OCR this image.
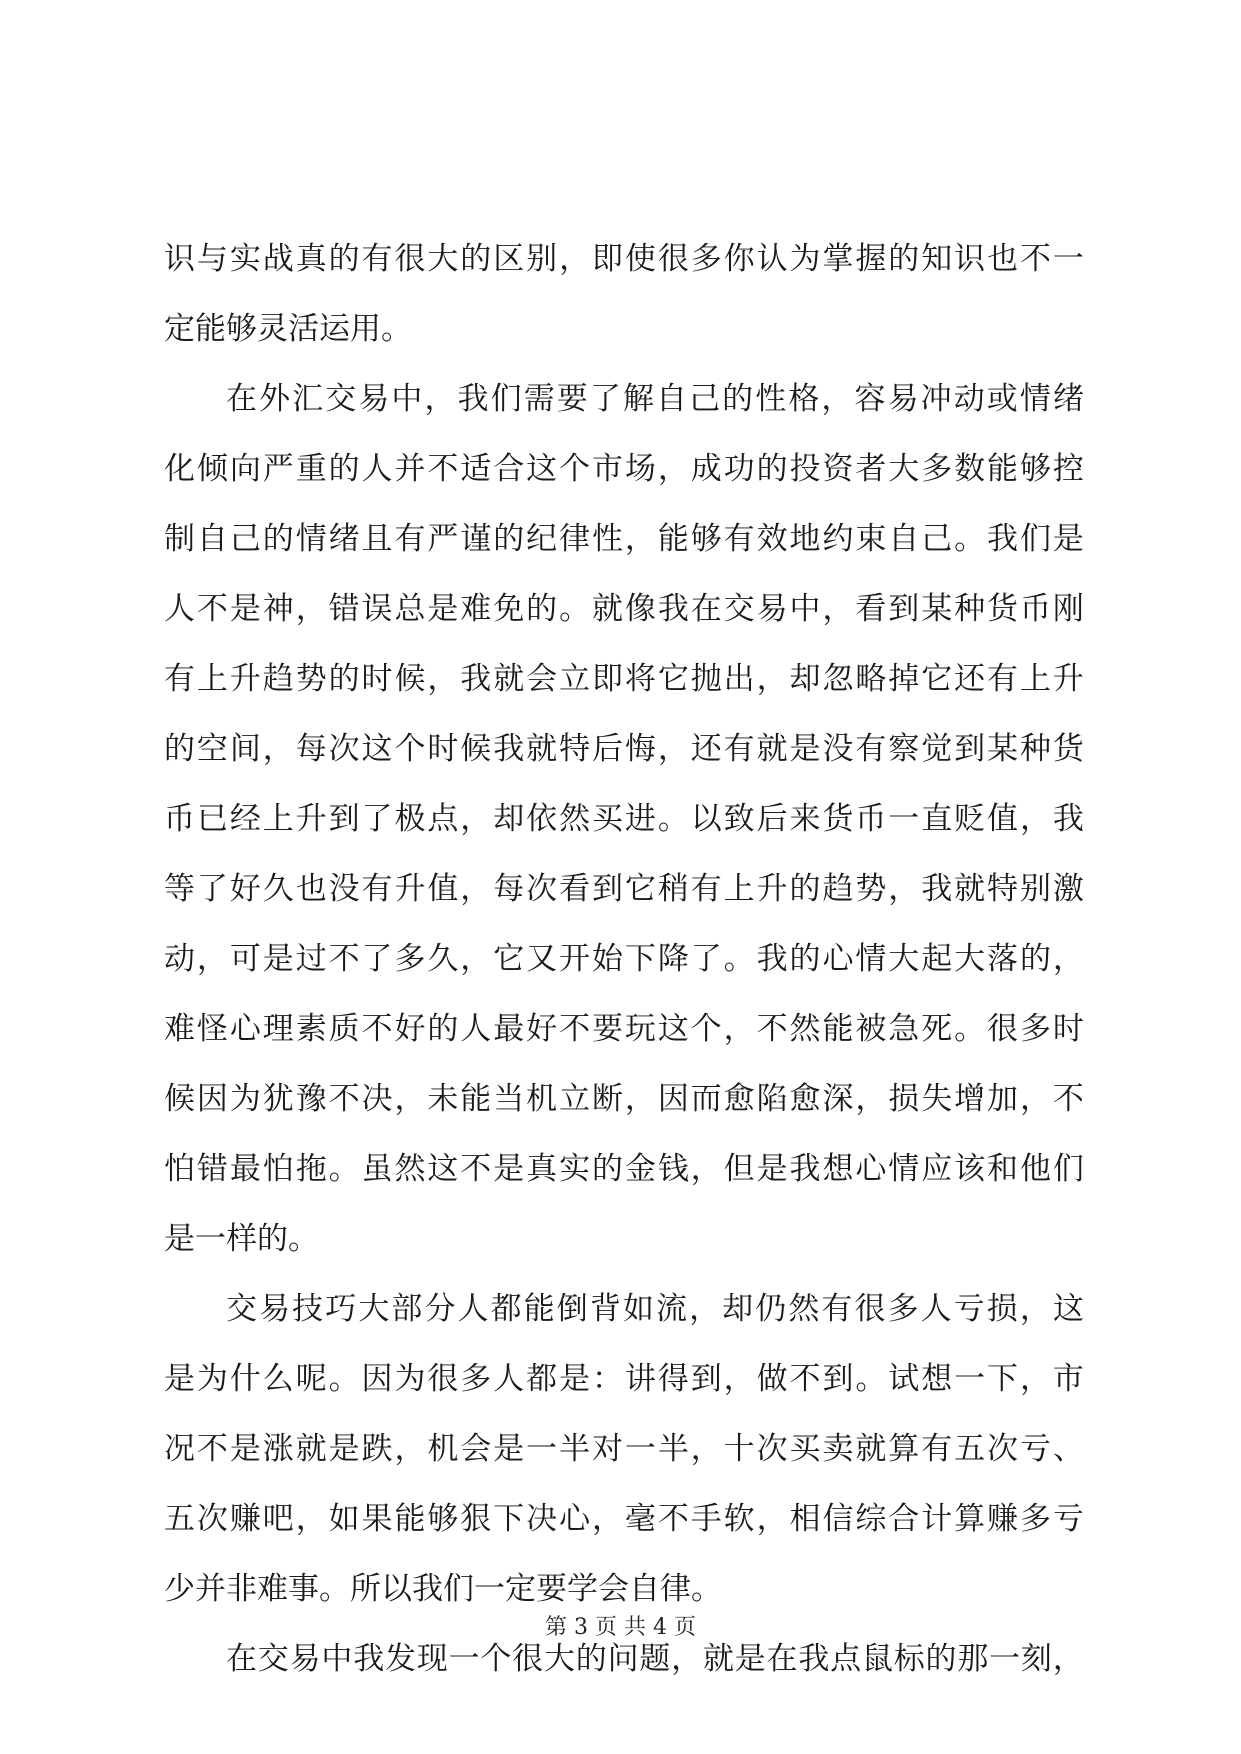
识 与 实 战 真 的 有 很 大 的 区 别 ， 即 使 很 多 你 认 为 掌 握 的 知 识 也 不 一
定能够灵活运用。
在 外 汇 交 易 中 ， 我 们 需 要 了 解 自 己 的 性 格 ， 容 易 冲 动 或 情 绪
化 倾 向 严 重 的 人 并 不 适 合 这 个 市 场 ， 成 功 的 投 资 者 大 多 数 能 够 控
制 自 己 的 情 绪 且 有 严 谨 的 纪 律 性 ， 能 够 有 效 地 约 束 自 己 。 我 们 是
人 不 是 神 ， 错 误 总 是 难 免 的 。 就 像 我 在 交 易 中 ， 看 到 某 种 货 币 刚
有 上 升 趋 势 的 时 候 ， 我 就 会 立 即 将 它 抛 出 ， 却 忽 略 掉 它 还 有 上 升
的 空 间 ， 每 次 这 个 时 候 我 就 特 后 悔 ， 还 有 就 是 没 有 察 觉 到 某 种 货
币 已 经 上 升 到 了 极 点 ， 却 依 然 买 进 。 以 致 后 来 货 币 一 直 贬 值 ， 我
等 了 好 久 也 没 有 升 值 ， 每 次 看 到 它 稍 有 上 升 的 趋 势 ， 我 就 特 别 激
动 ， 可 是 过 不 了 多 久 ， 它 又 开 始 下 降 了 。 我 的 心 情 大 起 大 落 的 ，
难 怪 心 理 素 质 不 好 的 人 最 好 不 要 玩 这 个 ， 不 然 能 被 急 死 。 很 多 时
候 因 为 犹 豫 不 决 ， 未 能 当 机 立 断 ， 因 而 愈 陷 愈 深 ， 损 失 增 加 ， 不
怕 错 最 怕 拖 。 虽 然 这 不 是 真 实 的 金 钱 ， 但 是 我 想 心 情 应 该 和 他 们
是一样的。
交 易 技 巧 大 部 分 人 都 能 倒 背 如 流 ， 却 仍 然 有 很 多 人 亏 损 ， 这
是 为 什 么 呢 。 因 为 很 多 人 都 是 ： 讲 得 到 ， 做 不 到 。 试 想 一 下 ， 市
况 不 是 涨 就 是 跌 ， 机 会 是 一 半 对 一 半 ， 十 次 买 卖 就 算 有 五 次 亏 、
五 次 赚 吧 ， 如 果 能 够 狠 下 决 心 ， 毫 不 手 软 ， 相 信 综 合 计 算 赚 多 亏
少并非难事。所以我们一定要学会自律。
在 交 易 中 我 发 现 一 个 很 大 的 问 题 ， 就 是 在 我 点 鼠 标 的 那 一 刻 ，
第 3 页 共 4 页
